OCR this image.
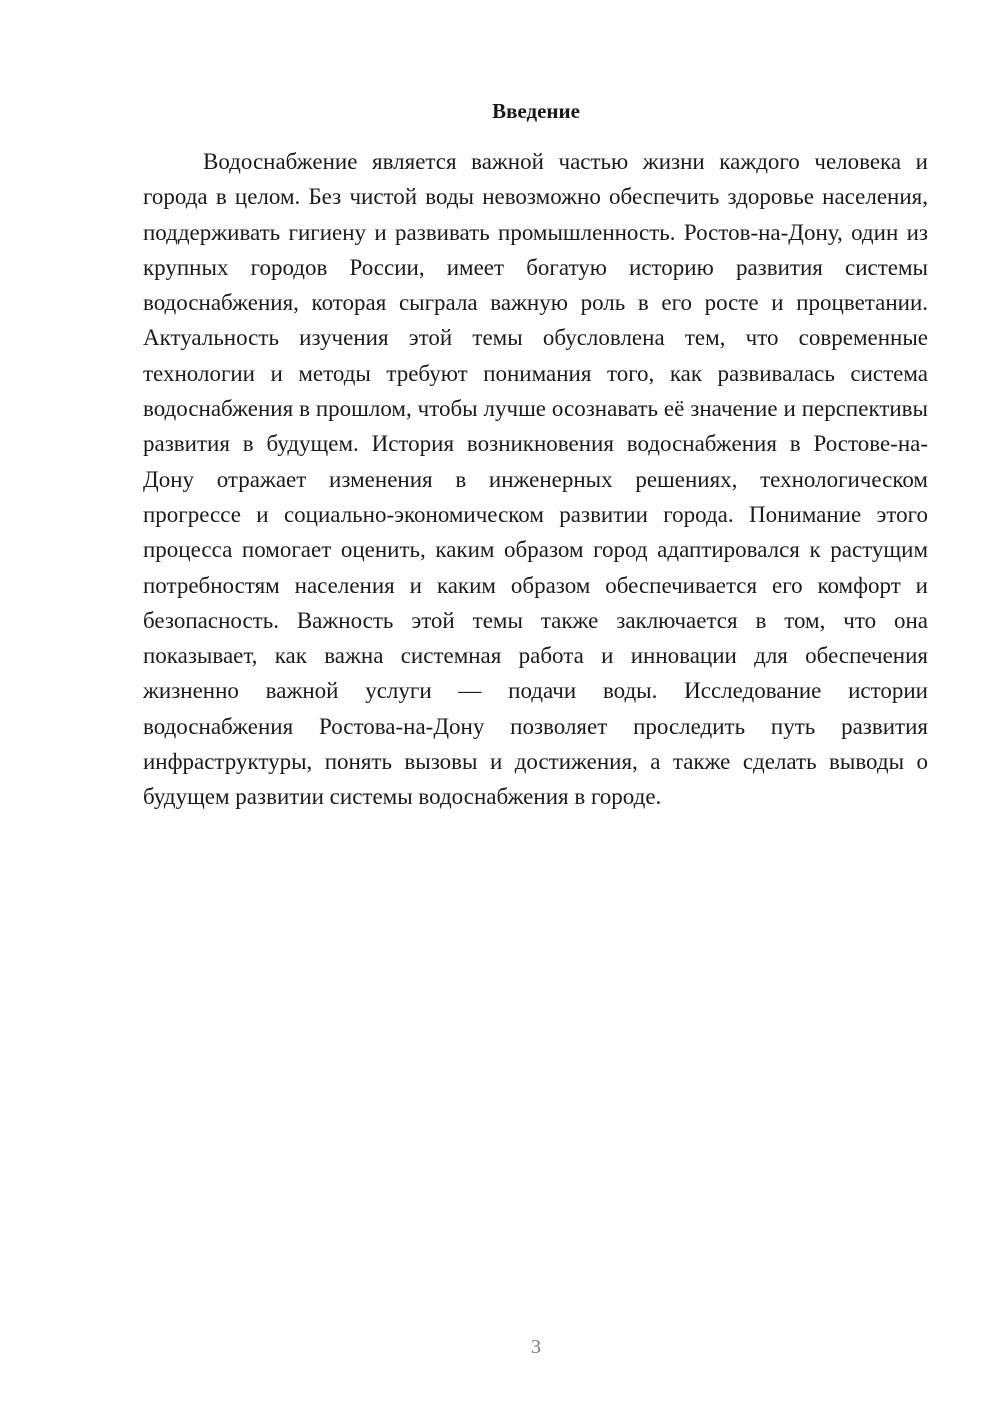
Введение

Водоснабжение является важной частью жизни каждого человека и города в целом. Без чистой воды невозможно обеспечить здоровье населения, поддерживать гигиену и развивать промышленность. Ростов-на-Дону, один из крупных городов России, имеет богатую историю развития системы водоснабжения, которая сыграла важную роль в его росте и процветании. Актуальность изучения этой темы обусловлена тем, что современные технологии и методы требуют понимания того, как развивалась система водоснабжения в прошлом, чтобы лучше осознавать её значение и перспективы развития в будущем. История возникновения водоснабжения в Ростове-на-Дону отражает изменения в инженерных решениях, технологическом прогрессе и социально-экономическом развитии города. Понимание этого процесса помогает оценить, каким образом город адаптировался к растущим потребностям населения и каким образом обеспечивается его комфорт и безопасность. Важность этой темы также заключается в том, что она показывает, как важна системная работа и инновации для обеспечения жизненно важной услуги — подачи воды. Исследование истории водоснабжения Ростова-на-Дону позволяет проследить путь развития инфраструктуры, понять вызовы и достижения, а также сделать выводы о будущем развитии системы водоснабжения в городе.

3
